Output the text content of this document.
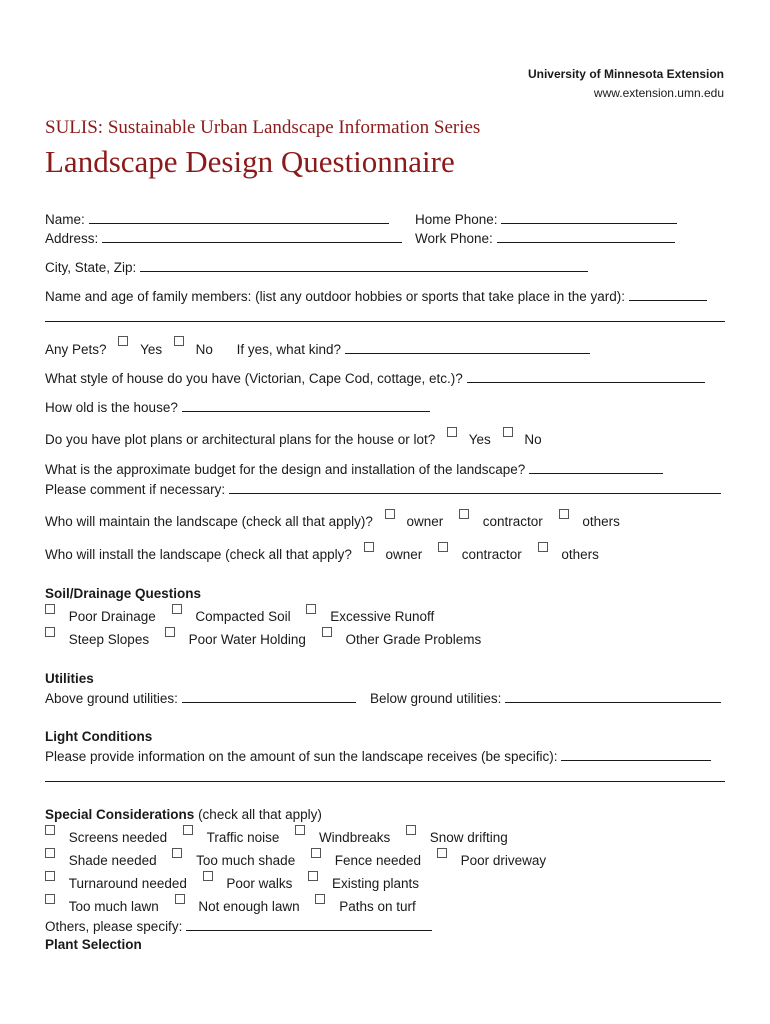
University of Minnesota Extension
www.extension.umn.edu
SULIS: Sustainable Urban Landscape Information Series
Landscape Design Questionnaire
Name:	Home Phone:
Address:	Work Phone:
City, State, Zip:
Name and age of family members: (list any outdoor hobbies or sports that take place in the yard):
Any Pets? Yes No If yes, what kind?
What style of house do you have (Victorian, Cape Cod, cottage, etc.)?
How old is the house?
Do you have plot plans or architectural plans for the house or lot? Yes No
What is the approximate budget for the design and installation of the landscape?
Please comment if necessary:
Who will maintain the landscape (check all that apply)? owner	contractor	others
Who will install the landscape (check all that apply? owner	contractor	others
Soil/Drainage Questions
Poor Drainage	Compacted Soil	Excessive Runoff
Steep Slopes	Poor Water Holding	Other Grade Problems
Utilities
Above ground utilities:	Below ground utilities:
Light Conditions
Please provide information on the amount of sun the landscape receives (be specific):
Special Considerations (check all that apply)
Screens needed	Traffic noise	Windbreaks	Snow drifting
Shade needed	Too much shade	Fence needed	Poor driveway
Turnaround needed	Poor walks	Existing plants
Too much lawn	Not enough lawn	Paths on turf
Others, please specify:
Plant Selection
